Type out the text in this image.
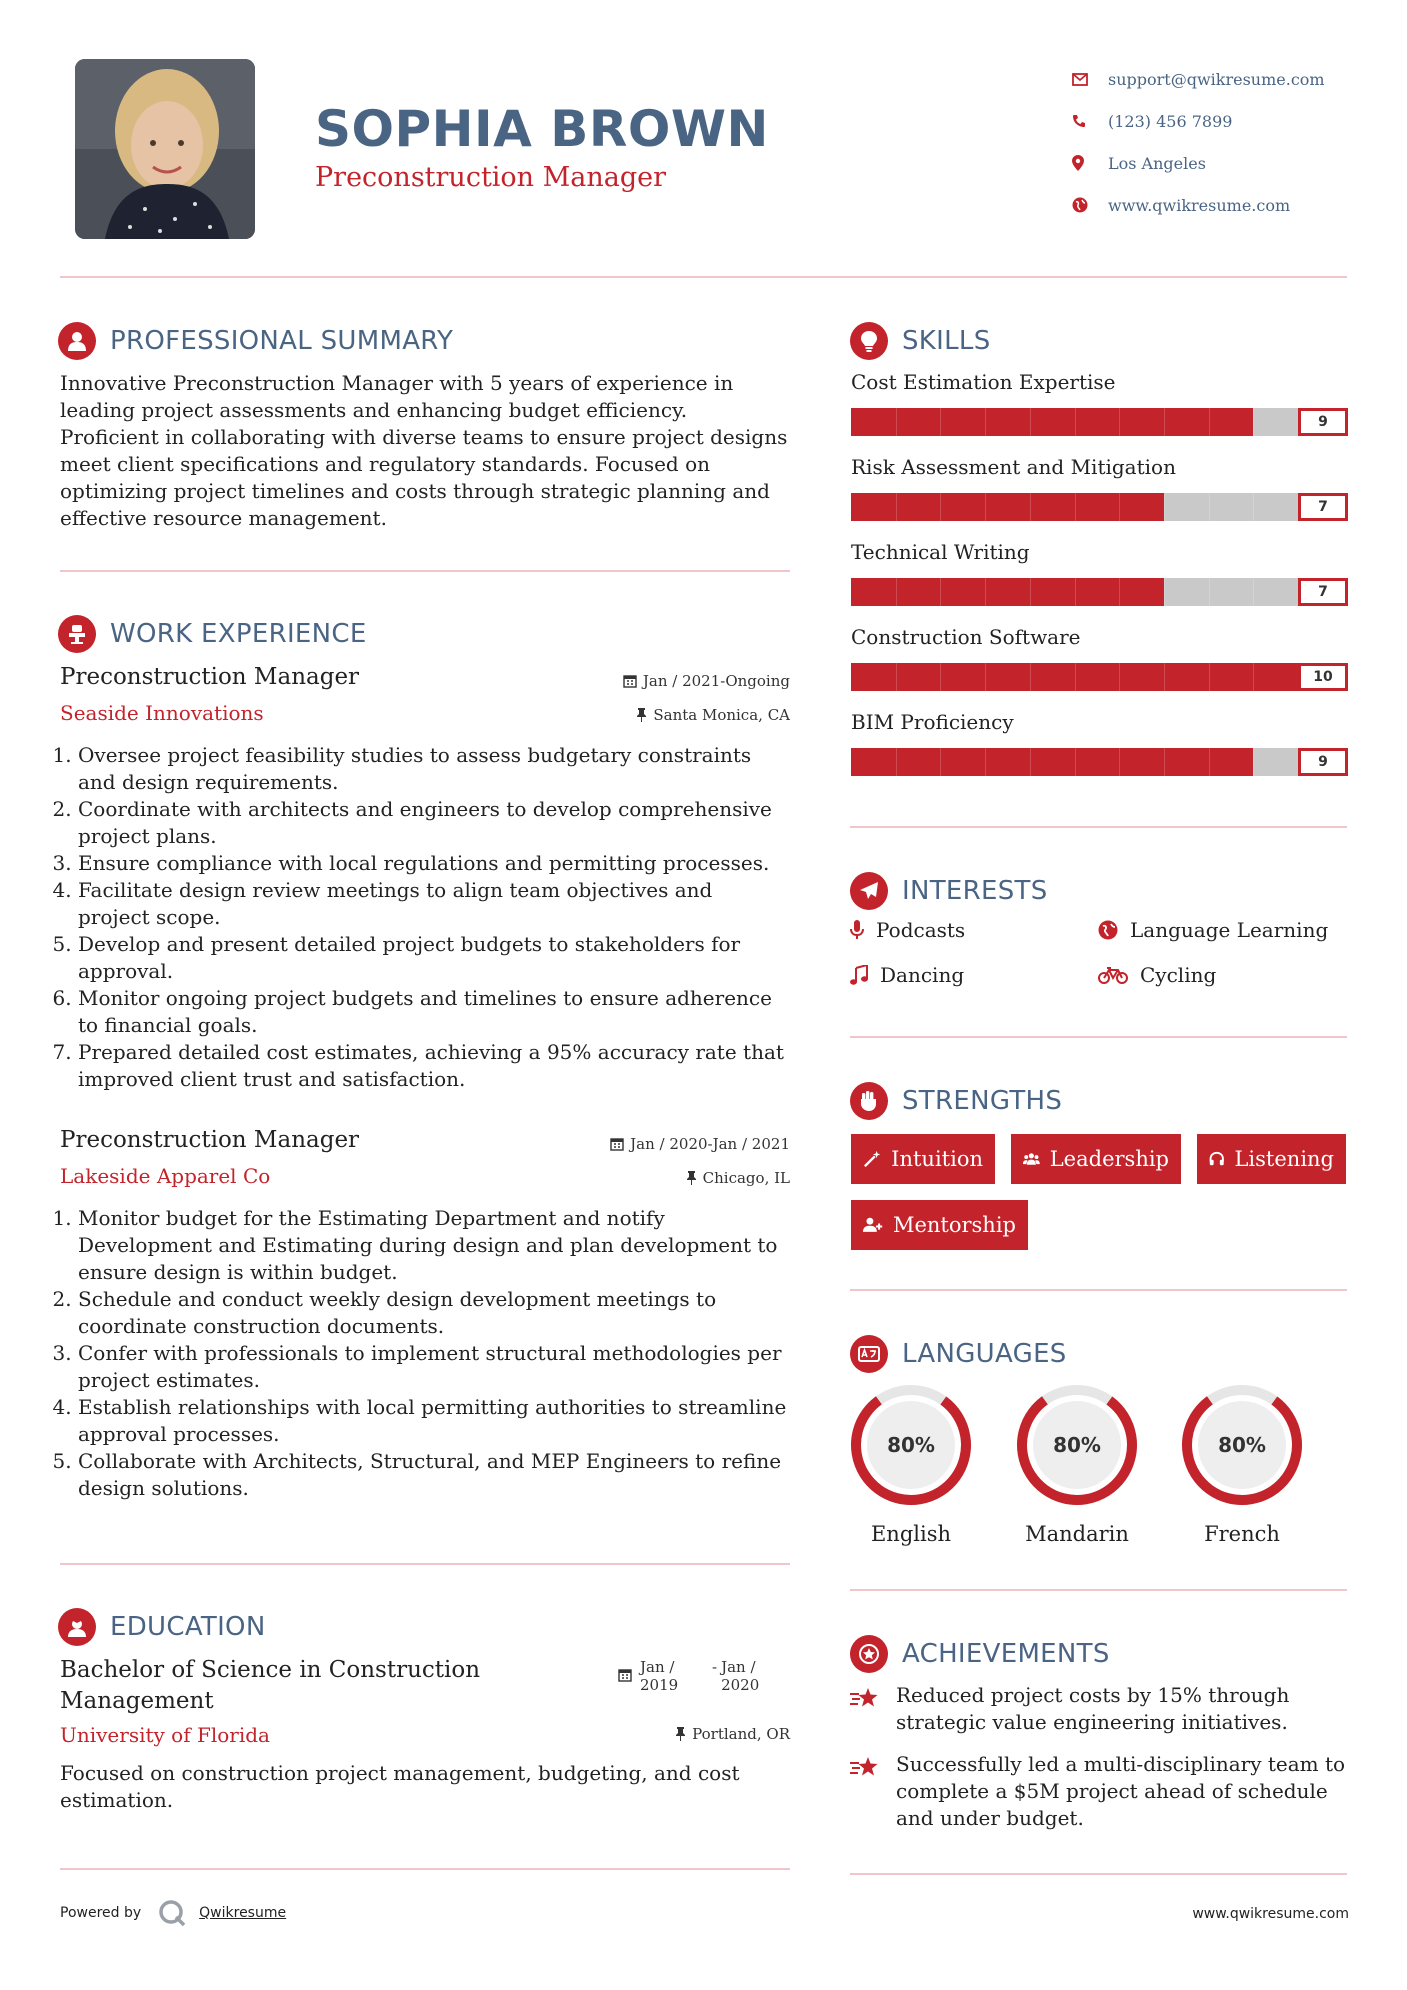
SOPHIA BROWN
Preconstruction Manager
support@qwikresume.com
(123) 456 7899
Los Angeles
www.qwikresume.com
PROFESSIONAL SUMMARY
Innovative Preconstruction Manager with 5 years of experience in leading project assessments and enhancing budget efficiency. Proficient in collaborating with diverse teams to ensure project designs meet client specifications and regulatory standards. Focused on optimizing project timelines and costs through strategic planning and effective resource management.
WORK EXPERIENCE
Preconstruction Manager	Jan / 2021-Ongoing
Seaside Innovations	Santa Monica, CA
1. Oversee project feasibility studies to assess budgetary constraints and design requirements.
2. Coordinate with architects and engineers to develop comprehensive project plans.
3. Ensure compliance with local regulations and permitting processes.
4. Facilitate design review meetings to align team objectives and project scope.
5. Develop and present detailed project budgets to stakeholders for approval.
6. Monitor ongoing project budgets and timelines to ensure adherence to financial goals.
7. Prepared detailed cost estimates, achieving a 95% accuracy rate that improved client trust and satisfaction.
Preconstruction Manager	Jan / 2020-Jan / 2021
Lakeside Apparel Co	Chicago, IL
1. Monitor budget for the Estimating Department and notify Development and Estimating during design and plan development to ensure design is within budget.
2. Schedule and conduct weekly design development meetings to coordinate construction documents.
3. Confer with professionals to implement structural methodologies per project estimates.
4. Establish relationships with local permitting authorities to streamline approval processes.
5. Collaborate with Architects, Structural, and MEP Engineers to refine design solutions.
EDUCATION
Bachelor of Science in Construction Management
Jan / 2019
- Jan / 2020
University of Florida	Portland, OR
Focused on construction project management, budgeting, and cost estimation.
SKILLS
Cost Estimation Expertise
9
Risk Assessment and Mitigation
7
Technical Writing
7
Construction Software
10
BIM Proficiency
9
INTERESTS
Podcasts	Language Learning
Dancing	Cycling
STRENGTHS
Intuition	Leadership	Listening
Mentorship
LANGUAGES
80%
English
80%
Mandarin
80%
French
ACHIEVEMENTS
Reduced project costs by 15% through strategic value engineering initiatives.
Successfully led a multi-disciplinary team to complete a $5M project ahead of schedule and under budget.
Powered by	Qwikresume	www.qwikresume.com
